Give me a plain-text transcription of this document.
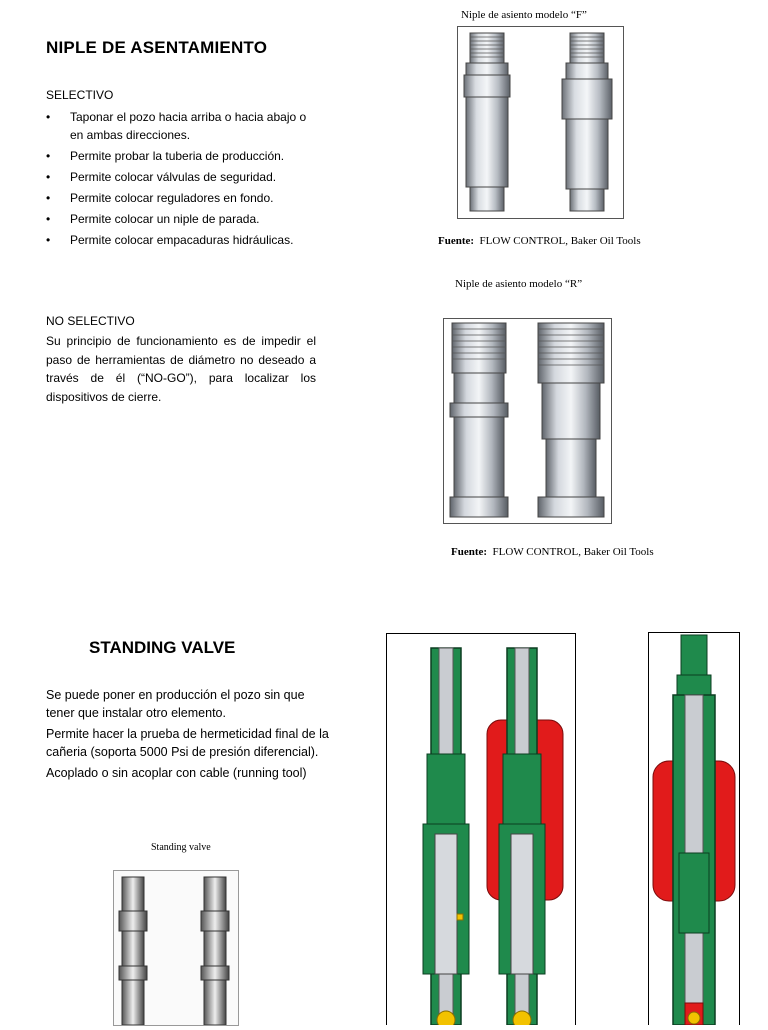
NIPLE DE ASENTAMIENTO
SELECTIVO
• Taponar el pozo hacia arriba o hacia abajo o en ambas direcciones.
• Permite probar la tuberia de producción.
• Permite colocar válvulas de seguridad.
• Permite colocar reguladores en fondo.
• Permite colocar un niple de parada.
• Permite colocar empacaduras hidráulicas.
NO SELECTIVO
Su principio de funcionamiento es de impedir el paso de herramientas de diámetro no deseado a través de él (“NO-GO”), para localizar los dispositivos de cierre.
Niple de asiento modelo “F”
Fuente: FLOW CONTROL, Baker Oil Tools
Niple de asiento modelo “R”
Fuente: FLOW CONTROL, Baker Oil Tools
STANDING VALVE
Se puede poner en producción el pozo sin que tener que instalar otro elemento.
Permite hacer la prueba de hermeticidad final de la cañeria (soporta 5000 Psi de presión diferencial).
Acoplado o sin acoplar con cable (running tool)
Standing valve
